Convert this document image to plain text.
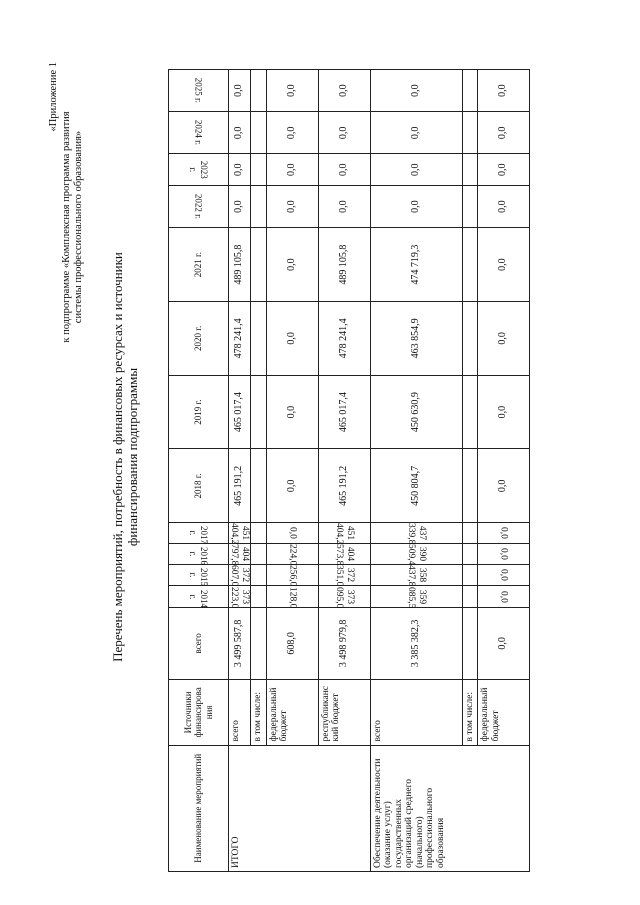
«Приложение 1
к подпрограмме «Комплексная программа развития системы профессионального образования»
Перечень мероприятий, потребность в финансовых ресурсах и источники финансирования подпрограммы
Наименование мероприятий	Источники финансирова ния	всего	2014 г.	2015 г.	2016 г.	2017 г.	2018 г.	2019 г.	2020 г.	2021 г.	2022 г.	2023 г.	2024 г.	2025 г.

ИТОГО	всего	3 499 587,8	373 223,0	372 607,0	404 797,8	451 404,2	465 191,2	465 017,4	478 241,4	489 105,8	0,0	0,0	0,0	0,0
	в том числе:													
	федеральный бюджет	608,0	128,0	256,0	224,0	0,0	0,0	0,0	0,0	0,0	0,0	0,0	0,0	0,0
	республиканс кий бюджет	3 498 979,8	373 095,0	372 351,0	404 573,8	451 404,2	465 191,2	465 017,4	478 241,4	489 105,8	0,0	0,0	0,0	0,0
Обеспечение деятельности (оказание услуг) государственных организаций среднего (начального) профессионального образования	всего	3 385 382,3	359 085,5	358 437,8	390 509,4	437 339,8	450 804,7	450 630,9	463 854,9	474 719,3	0,0	0,0	0,0	0,0
	в том числе:													
	федеральный бюджет	0,0	0,0	0,0	0,0	0,0	0,0	0,0	0,0	0,0	0,0	0,0	0,0	0,0
